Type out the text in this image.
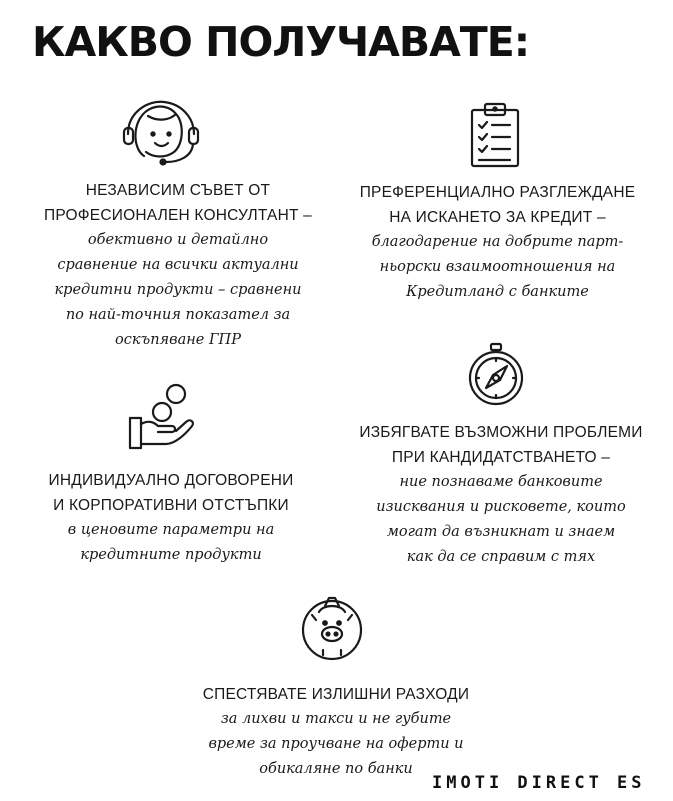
КАКВО ПОЛУЧАВАТЕ:
НЕЗАВИСИМ СЪВЕТ ОТ
ПРОФЕСИОНАЛЕН КОНСУЛТАНТ –
обективно и детайлно
сравнение на всички актуални
кредитни продукти – сравнени
по най-точния показател за
оскъпяване ГПР
ПРЕФЕРЕНЦИАЛНО РАЗГЛЕЖДАНЕ
НА ИСКАНЕТО ЗА КРЕДИТ –
благодарение на добрите парт-
ньорски взаимоотношения на
Кредитланд с банките
ИНДИВИДУАЛНО ДОГОВОРЕНИ
И КОРПОРАТИВНИ ОТСТЪПКИ
в ценовите параметри на
кредитните продукти
ИЗБЯГВАТЕ ВЪЗМОЖНИ ПРОБЛЕМИ
ПРИ КАНДИДАТСТВАНЕТО –
ние познаваме банковите
изисквания и рисковете, които
могат да възникнат и знаем
как да се справим с тях
СПЕСТЯВАТЕ ИЗЛИШНИ РАЗХОДИ
за лихви и такси и не губите
време за проучване на оферти и
обикаляне по банки
IMOTI DIRECT ES
